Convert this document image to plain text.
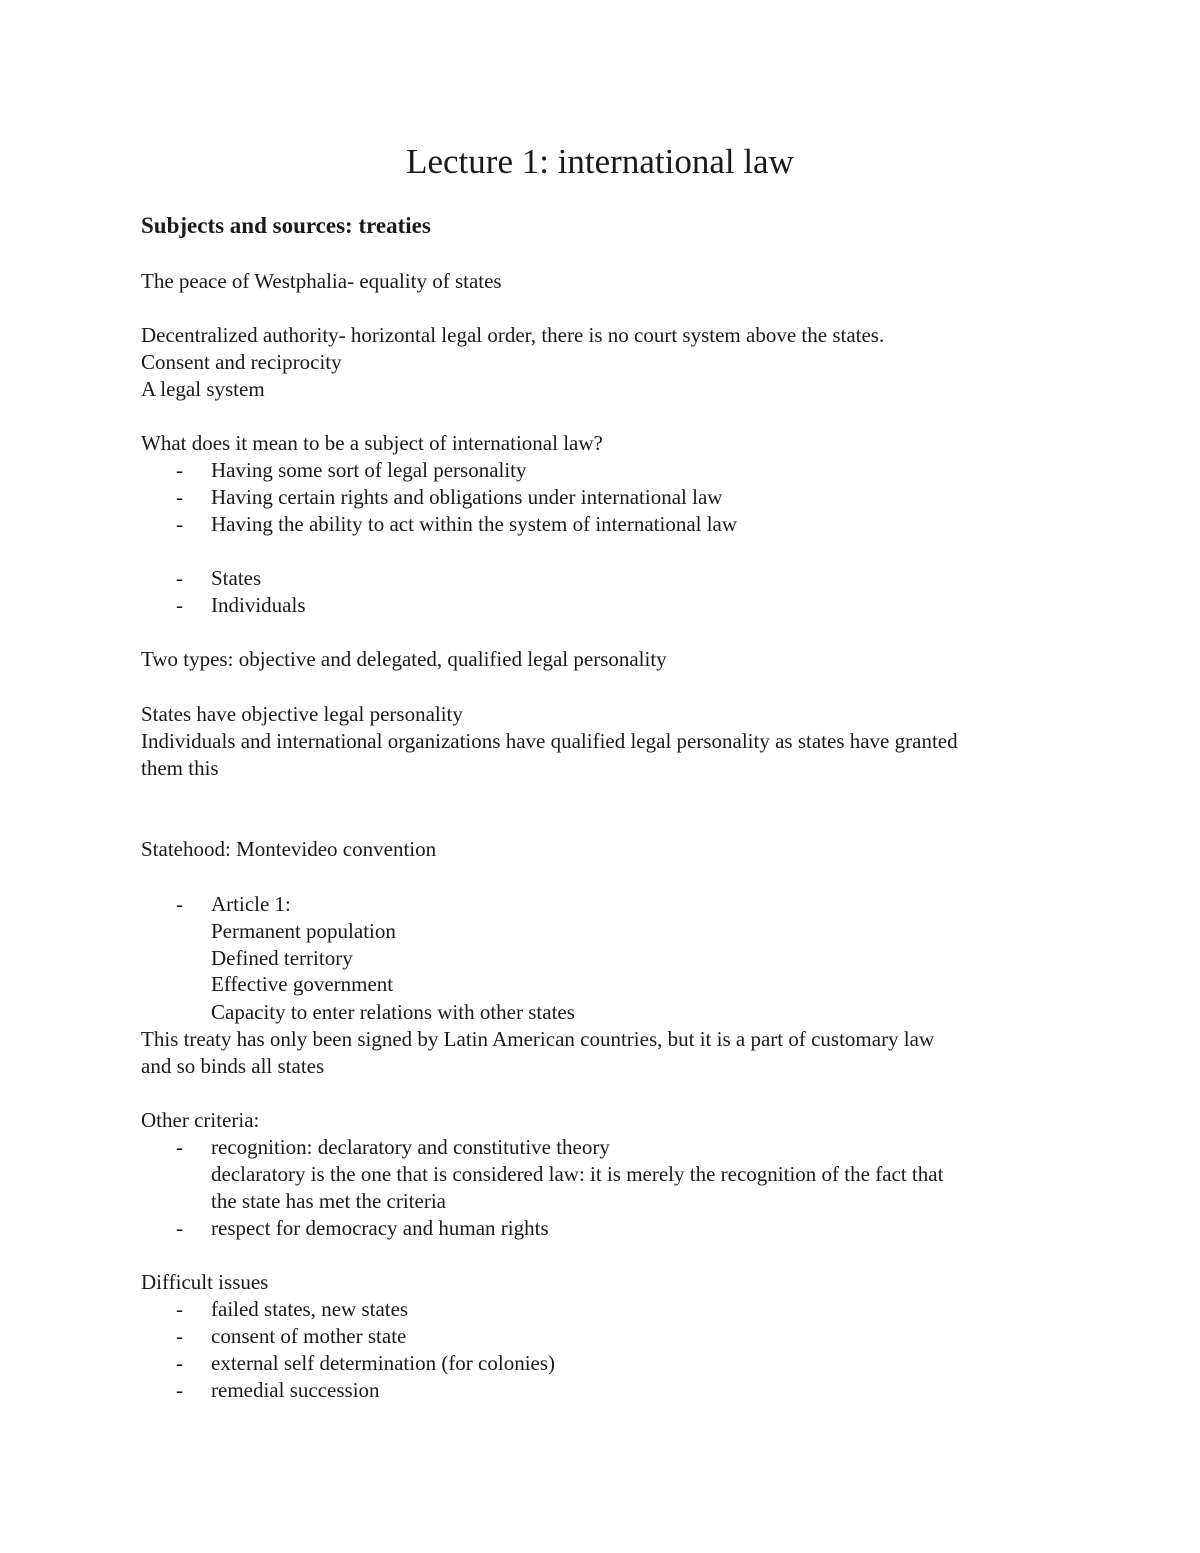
Lecture 1: international law
Subjects and sources: treaties

The peace of Westphalia- equality of states

Decentralized authority- horizontal legal order, there is no court system above the states.

Consent and reciprocity

A legal system

What does it mean to be a subject of international law?

- Having some sort of legal personality

- Having certain rights and obligations under international law

- Having the ability to act within the system of international law

- States

- Individuals

Two types: objective and delegated, qualified legal personality

States have objective legal personality

Individuals and international organizations have qualified legal personality as states have granted

them this

Statehood: Montevideo convention

- Article 1:

Permanent population

Defined territory

Effective government

Capacity to enter relations with other states

This treaty has only been signed by Latin American countries, but it is a part of customary law

and so binds all states

Other criteria:

- recognition: declaratory and constitutive theory

declaratory is the one that is considered law: it is merely the recognition of the fact that

the state has met the criteria

- respect for democracy and human rights

Difficult issues

- failed states, new states

- consent of mother state

- external self determination (for colonies)

- remedial succession
